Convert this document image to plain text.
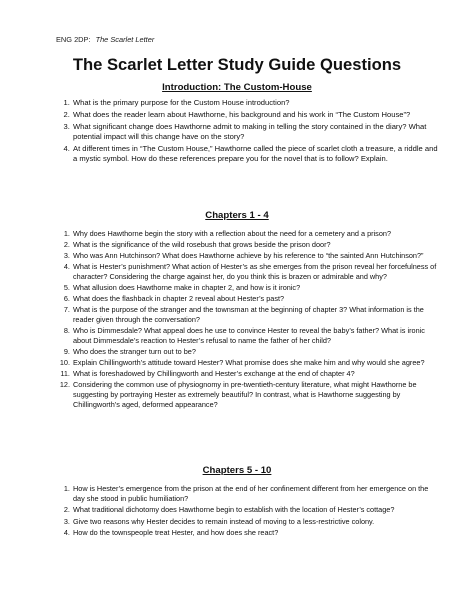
ENG 2DP: The Scarlet Letter
The Scarlet Letter Study Guide Questions
Introduction: The Custom-House
1. What is the primary purpose for the Custom House introduction?
2. What does the reader learn about Hawthorne, his background and his work in “The Custom House”?
3. What significant change does Hawthorne admit to making in telling the story contained in the diary? What potential impact will this change have on the story?
4. At different times in “The Custom House,” Hawthorne called the piece of scarlet cloth a treasure, a riddle and a mystic symbol. How do these references prepare you for the novel that is to follow? Explain.
Chapters 1 - 4
1. Why does Hawthorne begin the story with a reflection about the need for a cemetery and a prison?
2. What is the significance of the wild rosebush that grows beside the prison door?
3. Who was Ann Hutchinson? What does Hawthorne achieve by his reference to “the sainted Ann Hutchinson?”
4. What is Hester’s punishment? What action of Hester’s as she emerges from the prison reveal her forcefulness of character? Considering the charge against her, do you think this is brazen or admirable and why?
5. What allusion does Hawthorne make in chapter 2, and how is it ironic?
6. What does the flashback in chapter 2 reveal about Hester’s past?
7. What is the purpose of the stranger and the townsman at the beginning of chapter 3? What information is the reader given through the conversation?
8. Who is Dimmesdale? What appeal does he use to convince Hester to reveal the baby’s father? What is ironic about Dimmesdale’s reaction to Hester’s refusal to name the father of her child?
9. Who does the stranger turn out to be?
10. Explain Chillingworth’s attitude toward Hester? What promise does she make him and why would she agree?
11. What is foreshadowed by Chillingworth and Hester’s exchange at the end of chapter 4?
12. Considering the common use of physiognomy in pre-twentieth-century literature, what might Hawthorne be suggesting by portraying Hester as extremely beautiful? In contrast, what is Hawthorne suggesting by Chillingworth’s aged, deformed appearance?
Chapters 5 - 10
1. How is Hester’s emergence from the prison at the end of her confinement different from her emergence on the day she stood in public humiliation?
2. What traditional dichotomy does Hawthorne begin to establish with the location of Hester’s cottage?
3. Give two reasons why Hester decides to remain instead of moving to a less-restrictive colony.
4. How do the townspeople treat Hester, and how does she react?
